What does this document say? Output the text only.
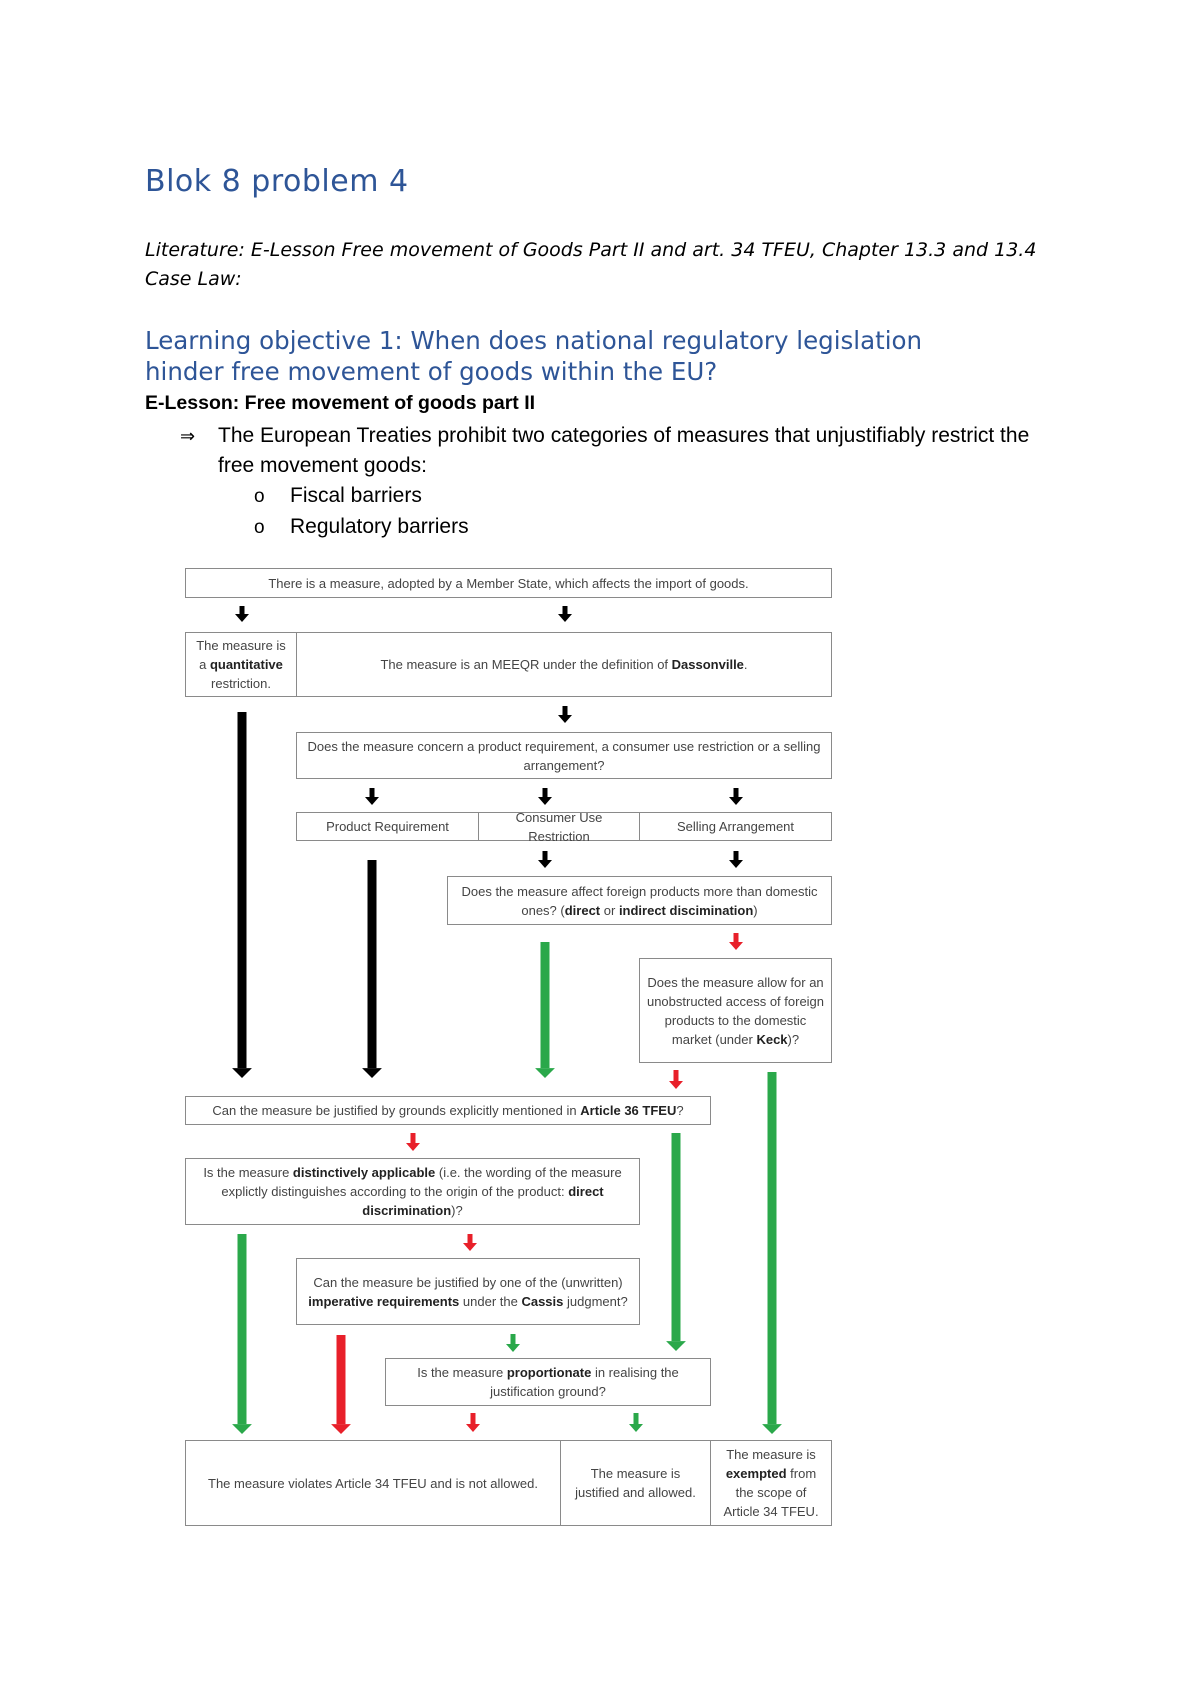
Blok 8 problem 4
Literature: E-Lesson Free movement of Goods Part II and art. 34 TFEU, Chapter 13.3 and 13.4
Case Law:
Learning objective 1: When does national regulatory legislation
hinder free movement of goods within the EU?
E-Lesson: Free movement of goods part II
⇒ The European Treaties prohibit two categories of measures that unjustifiably restrict the free movement goods:
o Fiscal barriers
o Regulatory barriers
There is a measure, adopted by a Member State, which affects the import of goods.
The measure is a quantitative restriction.
The measure is an MEEQR under the definition of Dassonville.
Does the measure concern a product requirement, a consumer use restriction or a selling arrangement?
Product Requirement
Consumer Use Restriction
Selling Arrangement
Does the measure affect foreign products more than domestic ones? (direct or indirect discimination)
Does the measure allow for an unobstructed access of foreign products to the domestic market (under Keck)?
Can the measure be justified by grounds explicitly mentioned in Article 36 TFEU?
Is the measure distinctively applicable (i.e. the wording of the measure explictly distinguishes according to the origin of the product: direct discrimination)?
Can the measure be justified by one of the (unwritten) imperative requirements under the Cassis judgment?
Is the measure proportionate in realising the justification ground?
The measure violates Article 34 TFEU and is not allowed.
The measure is justified and allowed.
The measure is exempted from the scope of Article 34 TFEU.
